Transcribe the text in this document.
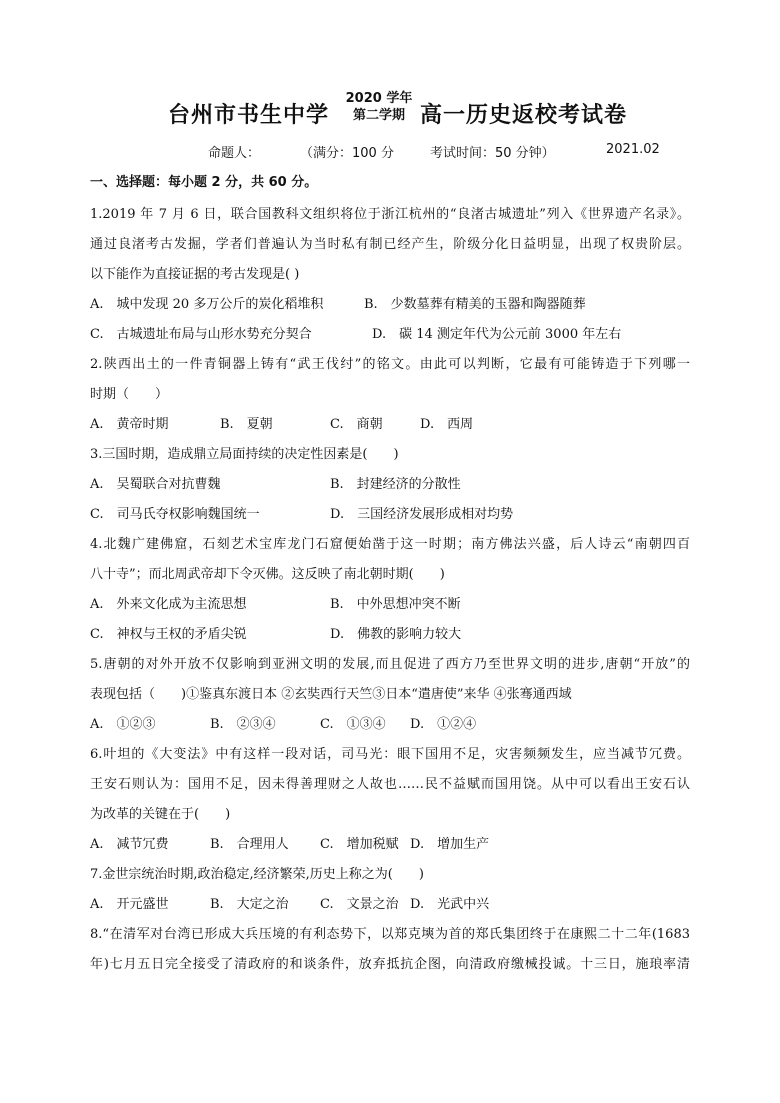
台州市书生中学
2020 学年
第二学期 高一历史返校考试卷
命题人：	（满分：100 分	考试时间：50 分钟）	2021.02
一、选择题：每小题 2 分，共 60 分。
1.2019 年 7 月 6 日，联合国教科文组织将位于浙江杭州的“良渚古城遗址”列入《世界遗产名录》。
通过良渚考古发掘，学者们普遍认为当时私有制已经产生，阶级分化日益明显，出现了权贵阶层。
以下能作为直接证据的考古发现是( )
A.　城中发现 20 多万公斤的炭化稻堆积	B.　少数墓葬有精美的玉器和陶器随葬
C.　古城遗址布局与山形水势充分契合	D.　碳 14 测定年代为公元前 3000 年左右
2.陕西出土的一件青铜器上铸有“武王伐纣”的铭文。由此可以判断，它最有可能铸造于下列哪一
时期（　　）
A.　黄帝时期	B.　夏朝	C.　商朝	D.　西周
3.三国时期，造成鼎立局面持续的决定性因素是(　　)
A.　吴蜀联合对抗曹魏	B.　封建经济的分散性
C.　司马氏夺权影响魏国统一	D.　三国经济发展形成相对均势
4.北魏广建佛窟，石刻艺术宝库龙门石窟便始凿于这一时期；南方佛法兴盛，后人诗云“南朝四百
八十寺”；而北周武帝却下令灭佛。这反映了南北朝时期(　　)
A.　外来文化成为主流思想	B.　中外思想冲突不断
C.　神权与王权的矛盾尖锐	D.　佛教的影响力较大
5.唐朝的对外开放不仅影响到亚洲文明的发展,而且促进了西方乃至世界文明的进步,唐朝“开放”的
表现包括（　　)①鉴真东渡日本 ②玄奘西行天竺③日本“遣唐使”来华 ④张骞通西域
A.　①②③	B.　②③④	C.　①③④ D.　①②④
6.叶坦的《大变法》中有这样一段对话，司马光：眼下国用不足，灾害频频发生，应当减节冗费。
王安石则认为：国用不足，因未得善理财之人故也……民不益赋而国用饶。从中可以看出王安石认
为改革的关键在于(　　)
A.　减节冗费	B.　合理用人 C.　增加税赋 D.　增加生产
7.金世宗统治时期,政治稳定,经济繁荣,历史上称之为(　　)
A.　开元盛世	B.　大定之治 C.　文景之治 D.　光武中兴
8.“在清军对台湾已形成大兵压境的有利态势下，以郑克塽为首的郑氏集团终于在康熙二十二年(1683
年)七月五日完全接受了清政府的和谈条件，放弃抵抗企图，向清政府缴械投诚。十三日，施琅率清
